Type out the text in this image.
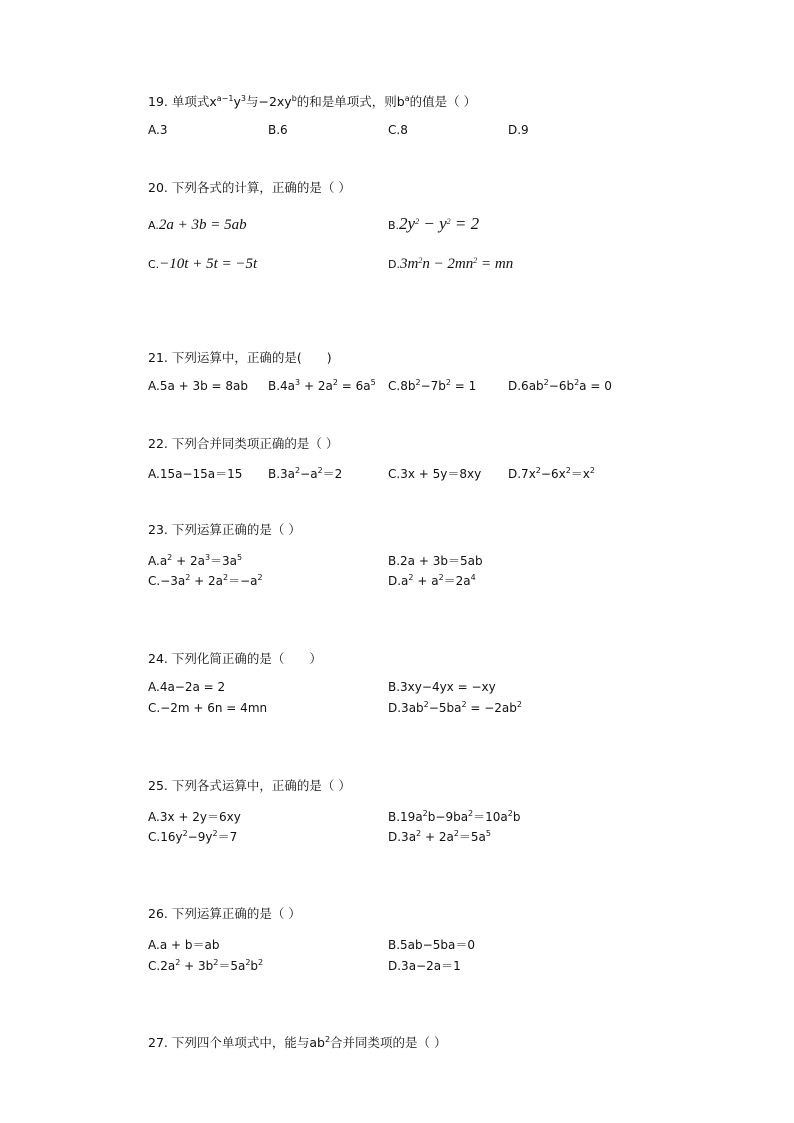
19. 单项式$x^{a-1}y^3$与$-2xy^b$的和是单项式，则$b^a$的值是（ ）
A.3	B.6	C.8	D.9
20. 下列各式的计算，正确的是（ ）
A.2a + 3b = 5ab	$B.2y^2 - y^2 = 2$
C.−10t + 5t = −5t	$D.3m^2n - 2mn^2$ = mn
21. 下列运算中，正确的是(　　)
A.5a + 3b = 8ab $B.4a^3 + 2a^2 = 6a^5$ $C.8b^2-7b^2 = 1$	$D.6ab^2-6b^2a = 0$
22. 下列合并同类项正确的是（ ）
A.15a−15a＝15 $B.3a^2-a^2=2$	C.3x + 5y＝8xy $D.7x^2-6x^2=x^2$
23. 下列运算正确的是（ ）
$A.a^2 + 2a^3=3a^5$	B.2a + 3b＝5ab
$C.-3a^2 + 2a^2=-a^2$	$D.a^2 + a^2=2a^4$
24. 下列化简正确的是（　　）
A.4a−2a = 2	B.3xy−4yx = −xy
C.−2m + 6n = 4mn	$D.3ab^2-5ba^2 = -2ab^2$
25. 下列各式运算中，正确的是（ ）
A.3x + 2y＝6xy	$B.19a^2b-9ba^2=10a^2b$
$C.16y^2-9y^2=7$	$D.3a^2 + 2a^2=5a^5$
26. 下列运算正确的是（ ）
A.a + b＝ab	B.5ab−5ba＝0
$C.2a^2 + 3b^2=5a^2b^2$	D.3a−2a＝1
27. 下列四个单项式中，能与$ab^2$合并同类项的是（ ）
